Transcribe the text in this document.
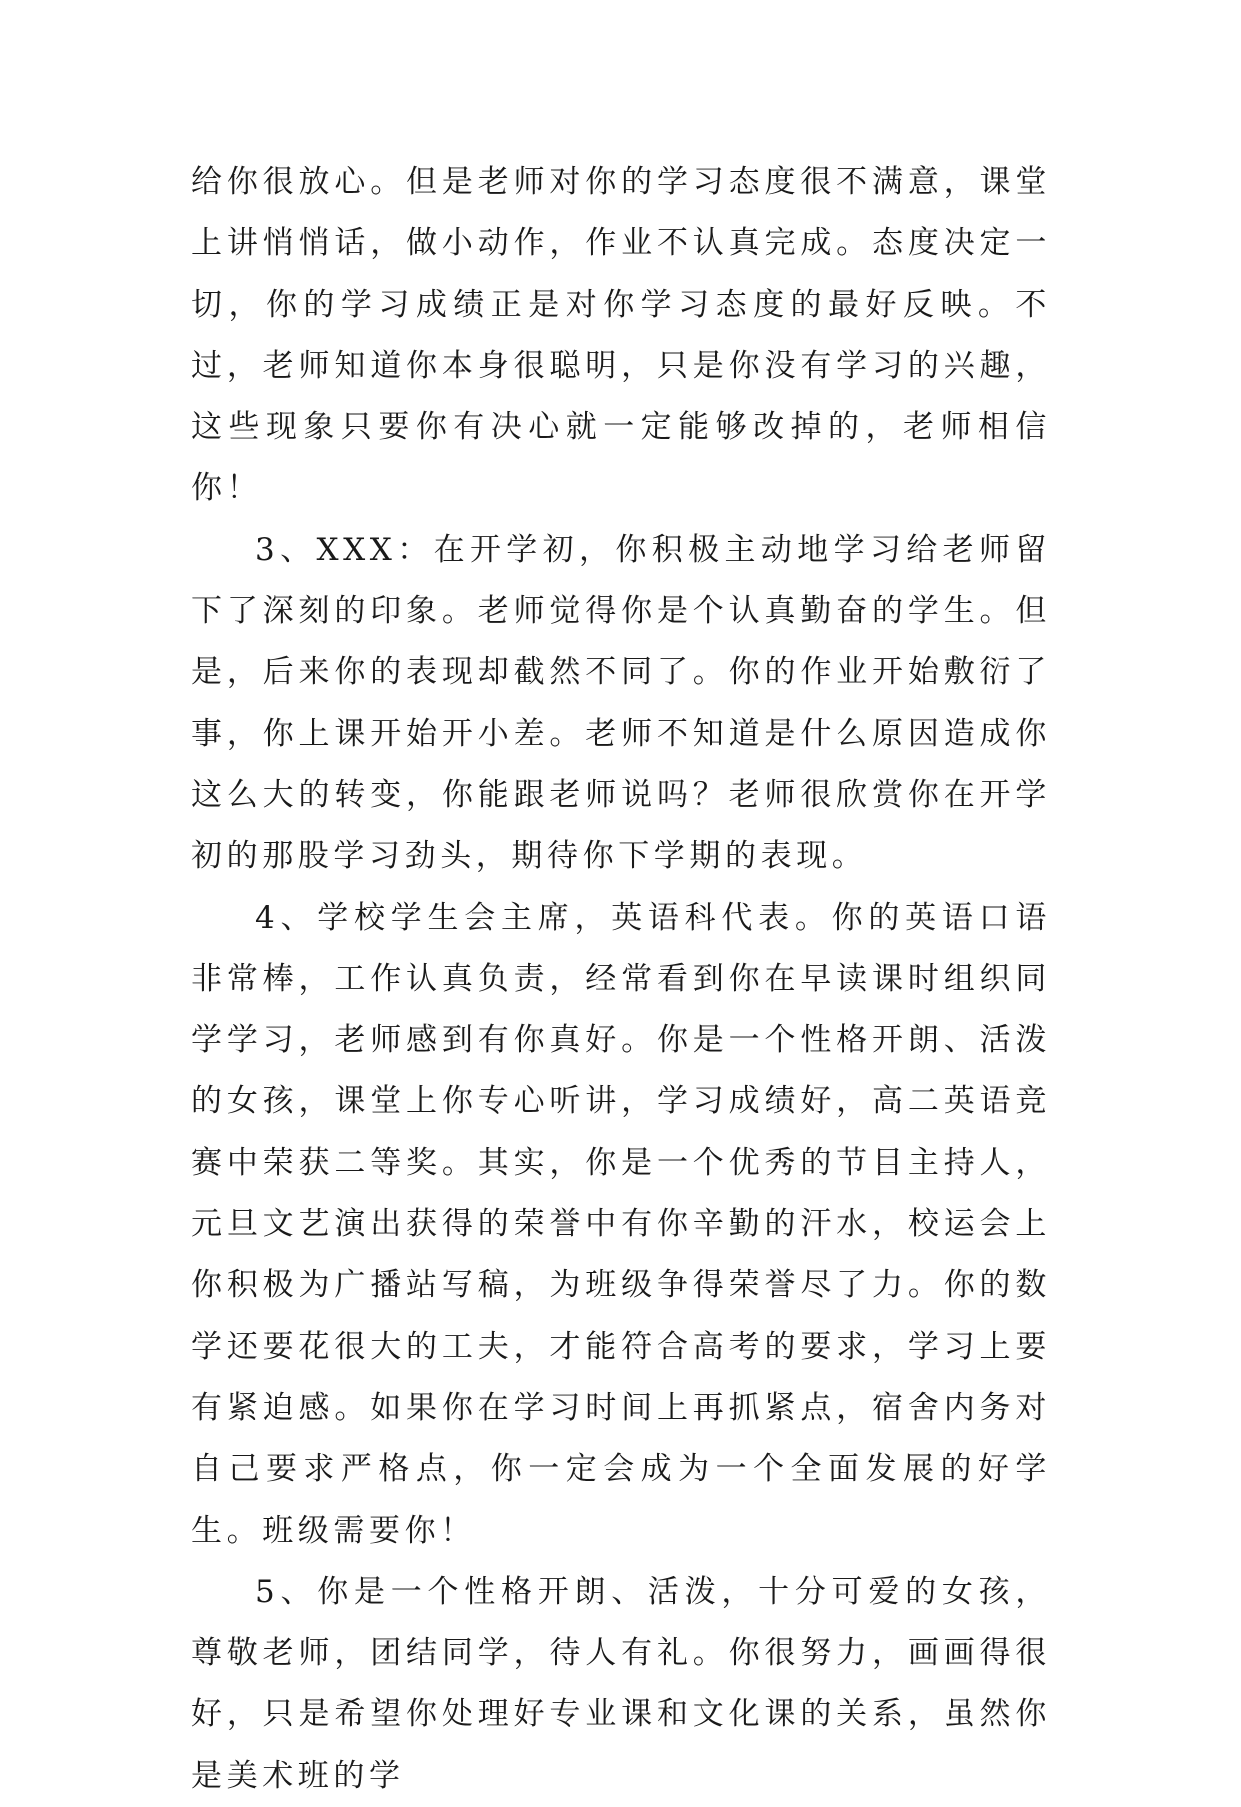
给你很放心。但是老师对你的学习态度很不满意，课堂上讲悄悄话，做小动作，作业不认真完成。态度决定一切，你的学习成绩正是对你学习态度的最好反映。不过，老师知道你本身很聪明，只是你没有学习的兴趣，这些现象只要你有决心就一定能够改掉的，老师相信你！

3、XXX：在开学初，你积极主动地学习给老师留下了深刻的印象。老师觉得你是个认真勤奋的学生。但是，后来你的表现却截然不同了。你的作业开始敷衍了事，你上课开始开小差。老师不知道是什么原因造成你这么大的转变，你能跟老师说吗？老师很欣赏你在开学初的那股学习劲头，期待你下学期的表现。

4、学校学生会主席，英语科代表。你的英语口语非常棒，工作认真负责，经常看到你在早读课时组织同学学习，老师感到有你真好。你是一个性格开朗、活泼的女孩，课堂上你专心听讲，学习成绩好，高二英语竞赛中荣获二等奖。其实，你是一个优秀的节目主持人，元旦文艺演出获得的荣誉中有你辛勤的汗水，校运会上你积极为广播站写稿，为班级争得荣誉尽了力。你的数学还要花很大的工夫，才能符合高考的要求，学习上要有紧迫感。如果你在学习时间上再抓紧点，宿舍内务对自己要求严格点，你一定会成为一个全面发展的好学生。班级需要你！

5、你是一个性格开朗、活泼，十分可爱的女孩，尊敬老师，团结同学，待人有礼。你很努力，画画得很好，只是希望你处理好专业课和文化课的关系，虽然你是美术班的学
